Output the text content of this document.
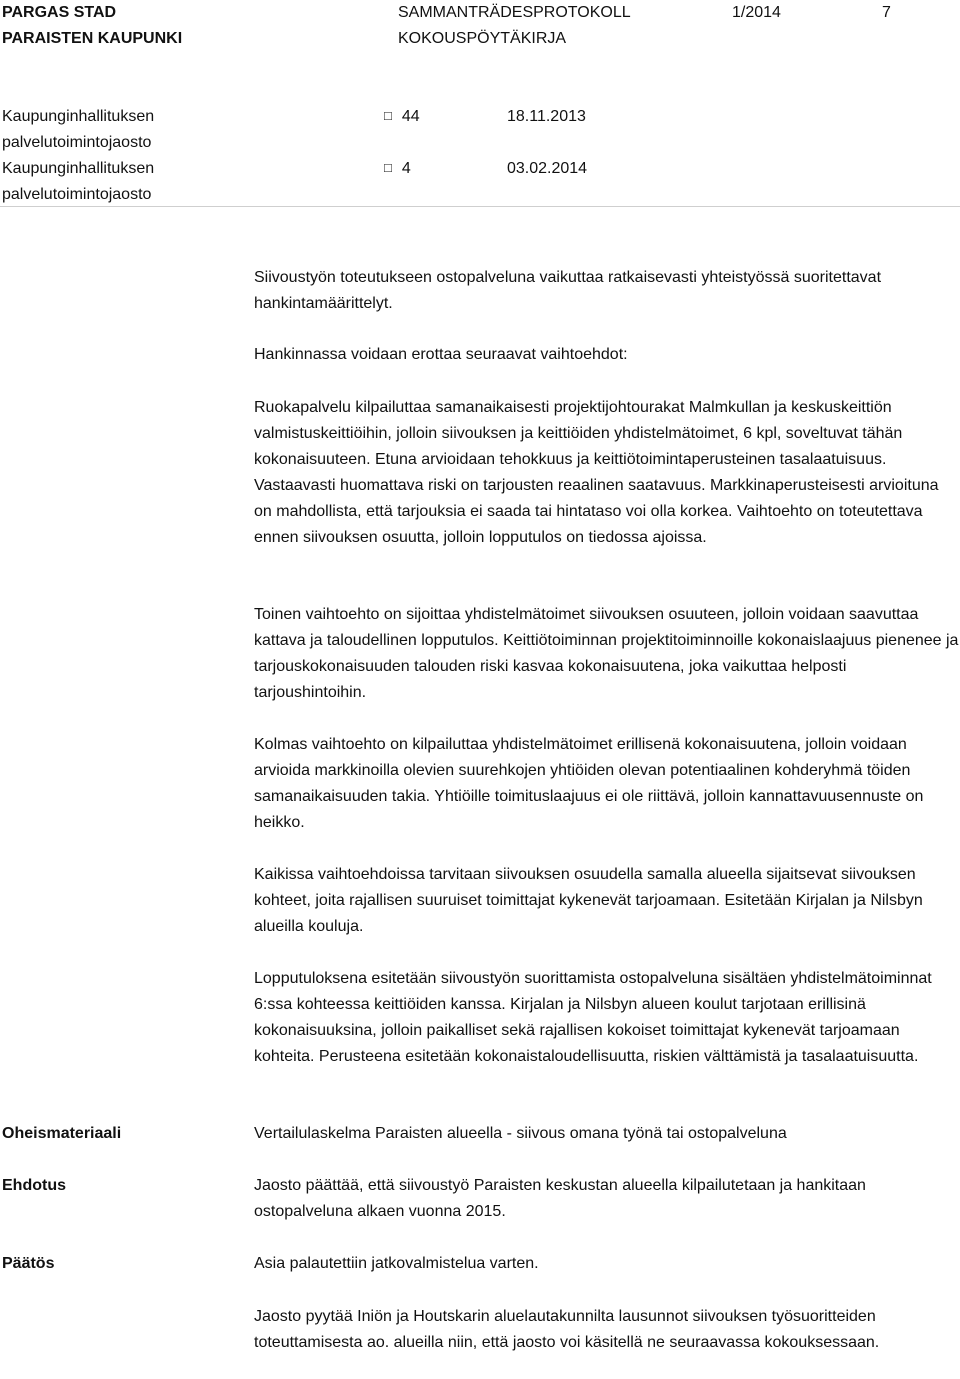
PARGAS STAD
PARAISTEN KAUPUNKI
SAMMANTRÄDESPROTOKOLL
KOKOUSPÖYTÄKIRJA
1/2014	7
Kaupunginhallituksen
palvelutoimintojaosto
□ 44	18.11.2013
Kaupunginhallituksen
palvelutoimintojaosto
□ 4	03.02.2014

Siivoustyön toteutukseen ostopalveluna vaikuttaa ratkaisevasti yhteistyössä suoritettavat hankintamäärittelyt.

Hankinnassa voidaan erottaa seuraavat vaihtoehdot:

Ruokapalvelu kilpailuttaa samanaikaisesti projektijohtourakat Malmkullan ja keskuskeittiön valmistuskeittiöihin, jolloin siivouksen ja keittiöiden yhdistelmätoimet, 6 kpl, soveltuvat tähän kokonaisuuteen. Etuna arvioidaan tehokkuus ja keittiötoimintaperusteinen tasalaatuisuus. Vastaavasti huomattava riski on tarjousten reaalinen saatavuus. Markkinaperusteisesti arvioituna on mahdollista, että tarjouksia ei saada tai hintataso voi olla korkea. Vaihtoehto on toteutettava ennen siivouksen osuutta, jolloin lopputulos on tiedossa ajoissa.

Toinen vaihtoehto on sijoittaa yhdistelmätoimet siivouksen osuuteen, jolloin voidaan saavuttaa kattava ja taloudellinen lopputulos. Keittiötoiminnan projektitoiminnoille kokonaislaajuus pienenee ja tarjouskokonaisuuden talouden riski kasvaa kokonaisuutena, joka vaikuttaa helposti tarjoushintoihin.

Kolmas vaihtoehto on kilpailuttaa yhdistelmätoimet erillisenä kokonaisuutena, jolloin voidaan arvioida markkinoilla olevien suurehkojen yhtiöiden olevan potentiaalinen kohderyhmä töiden samanaikaisuuden takia. Yhtiöille toimituslaajuus ei ole riittävä, jolloin kannattavuusennuste on heikko.

Kaikissa vaihtoehdoissa tarvitaan siivouksen osuudella samalla alueella sijaitsevat siivouksen kohteet, joita rajallisen suuruiset toimittajat kykenevät tarjoamaan. Esitetään Kirjalan ja Nilsbyn alueilla kouluja.

Lopputuloksena esitetään siivoustyön suorittamista ostopalveluna sisältäen yhdistelmätoiminnat 6:ssa kohteessa keittiöiden kanssa. Kirjalan ja Nilsbyn alueen koulut tarjotaan erillisinä kokonaisuuksina, jolloin paikalliset sekä rajallisen kokoiset toimittajat kykenevät tarjoamaan kohteita. Perusteena esitetään kokonaistaloudellisuutta, riskien välttämistä ja tasalaatuisuutta.

Oheismateriaali	Vertailulaskelma Paraisten alueella - siivous omana työnä tai ostopalveluna

Ehdotus	Jaosto päättää, että siivoustyö Paraisten keskustan alueella kilpailutetaan ja hankitaan ostopalveluna alkaen vuonna 2015.

Päätös	Asia palautettiin jatkovalmistelua varten.

Jaosto pyytää Iniön ja Houtskarin aluelautakunnilta lausunnot siivouksen työsuoritteiden toteuttamisesta ao. alueilla niin, että jaosto voi käsitellä ne seuraavassa kokouksessaan.
